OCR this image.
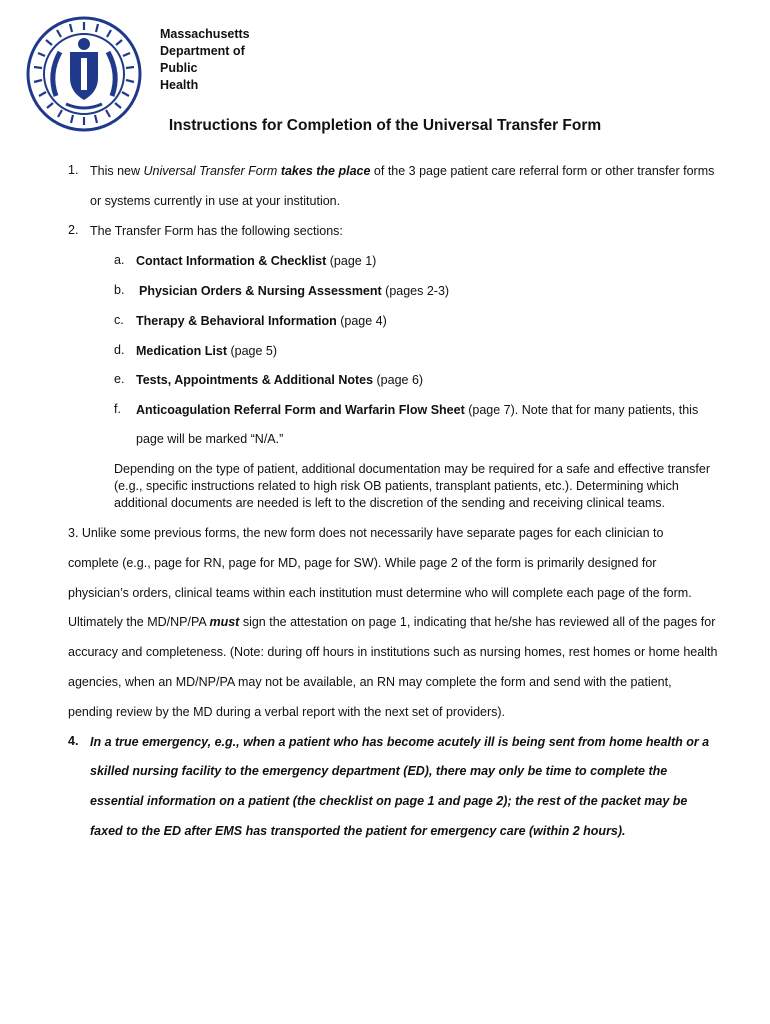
Massachusetts
Department of
Public
Health
Instructions for Completion of the Universal Transfer Form
1. This new Universal Transfer Form takes the place of the 3 page patient care referral form or other transfer forms
or systems currently in use at your institution.
2. The Transfer Form has the following sections:
a. Contact Information & Checklist (page 1)
b. Physician Orders & Nursing Assessment (pages 2-3)
c. Therapy & Behavioral Information (page 4)
d. Medication List (page 5)
e. Tests, Appointments & Additional Notes (page 6)
f. Anticoagulation Referral Form and Warfarin Flow Sheet (page 7). Note that for many patients, this
page will be marked “N/A.”
Depending on the type of patient, additional documentation may be required for a safe and effective transfer
(e.g., specific instructions related to high risk OB patients, transplant patients, etc.). Determining which
additional documents are needed is left to the discretion of the sending and receiving clinical teams.
3. Unlike some previous forms, the new form does not necessarily have separate pages for each clinician to
complete (e.g., page for RN, page for MD, page for SW). While page 2 of the form is primarily designed for
physician’s orders, clinical teams within each institution must determine who will complete each page of the form.
Ultimately the MD/NP/PA must sign the attestation on page 1, indicating that he/she has reviewed all of the pages for
accuracy and completeness. (Note: during off hours in institutions such as nursing homes, rest homes or home health
agencies, when an MD/NP/PA may not be available, an RN may complete the form and send with the patient,
pending review by the MD during a verbal report with the next set of providers).
4. In a true emergency, e.g., when a patient who has become acutely ill is being sent from home health or a
skilled nursing facility to the emergency department (ED), there may only be time to complete the
essential information on a patient (the checklist on page 1 and page 2); the rest of the packet may be
faxed to the ED after EMS has transported the patient for emergency care (within 2 hours).
